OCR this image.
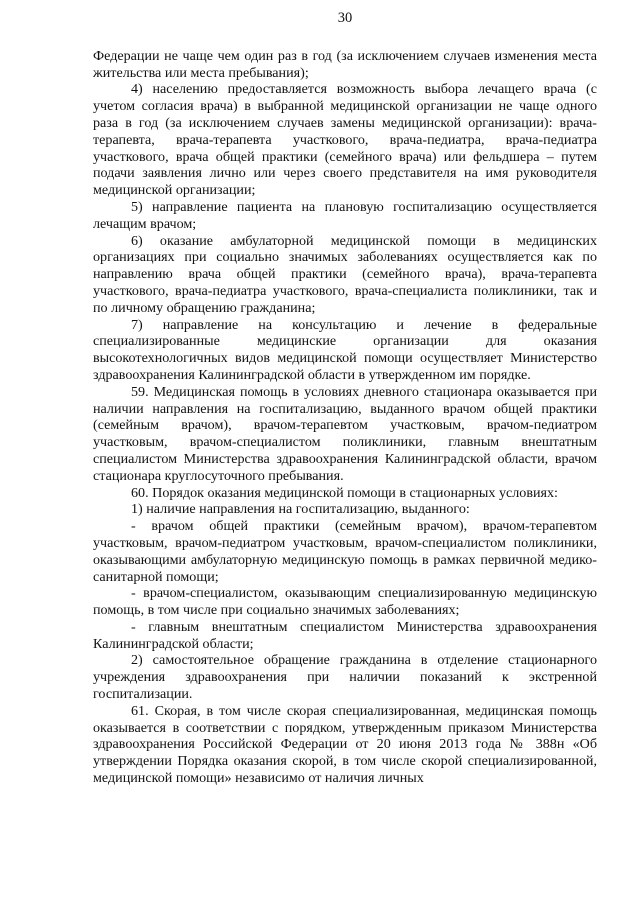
30

Федерации не чаще чем один раз в год (за исключением случаев изменения места жительства или места пребывания);

4) населению предоставляется возможность выбора лечащего врача (с учетом согласия врача) в выбранной медицинской организации не чаще одного раза в год (за исключением случаев замены медицинской организации): врача-терапевта, врача-терапевта участкового, врача-педиатра, врача-педиатра участкового, врача общей практики (семейного врача) или фельдшера – путем подачи заявления лично или через своего представителя на имя руководителя медицинской организации;

5) направление пациента на плановую госпитализацию осуществляется лечащим врачом;

6) оказание амбулаторной медицинской помощи в медицинских организациях при социально значимых заболеваниях осуществляется как по направлению врача общей практики (семейного врача), врача-терапевта участкового, врача-педиатра участкового, врача-специалиста поликлиники, так и по личному обращению гражданина;

7) направление на консультацию и лечение в федеральные специализированные медицинские организации для оказания высокотехнологичных видов медицинской помощи осуществляет Министерство здравоохранения Калининградской области в утвержденном им порядке.

59. Медицинская помощь в условиях дневного стационара оказывается при наличии направления на госпитализацию, выданного врачом общей практики (семейным врачом), врачом-терапевтом участковым, врачом-педиатром участковым, врачом-специалистом поликлиники, главным внештатным специалистом Министерства здравоохранения Калининградской области, врачом стационара круглосуточного пребывания.

60. Порядок оказания медицинской помощи в стационарных условиях:

1) наличие направления на госпитализацию, выданного:

- врачом общей практики (семейным врачом), врачом-терапевтом участковым, врачом-педиатром участковым, врачом-специалистом поликлиники, оказывающими амбулаторную медицинскую помощь в рамках первичной медико-санитарной помощи;

- врачом-специалистом, оказывающим специализированную медицинскую помощь, в том числе при социально значимых заболеваниях;

- главным внештатным специалистом Министерства здравоохранения Калининградской области;

2) самостоятельное обращение гражданина в отделение стационарного учреждения здравоохранения при наличии показаний к экстренной госпитализации.

61. Скорая, в том числе скорая специализированная, медицинская помощь оказывается в соответствии с порядком, утвержденным приказом Министерства здравоохранения Российской Федерации от 20 июня 2013 года № 388н «Об утверждении Порядка оказания скорой, в том числе скорой специализированной, медицинской помощи» независимо от наличия личных
